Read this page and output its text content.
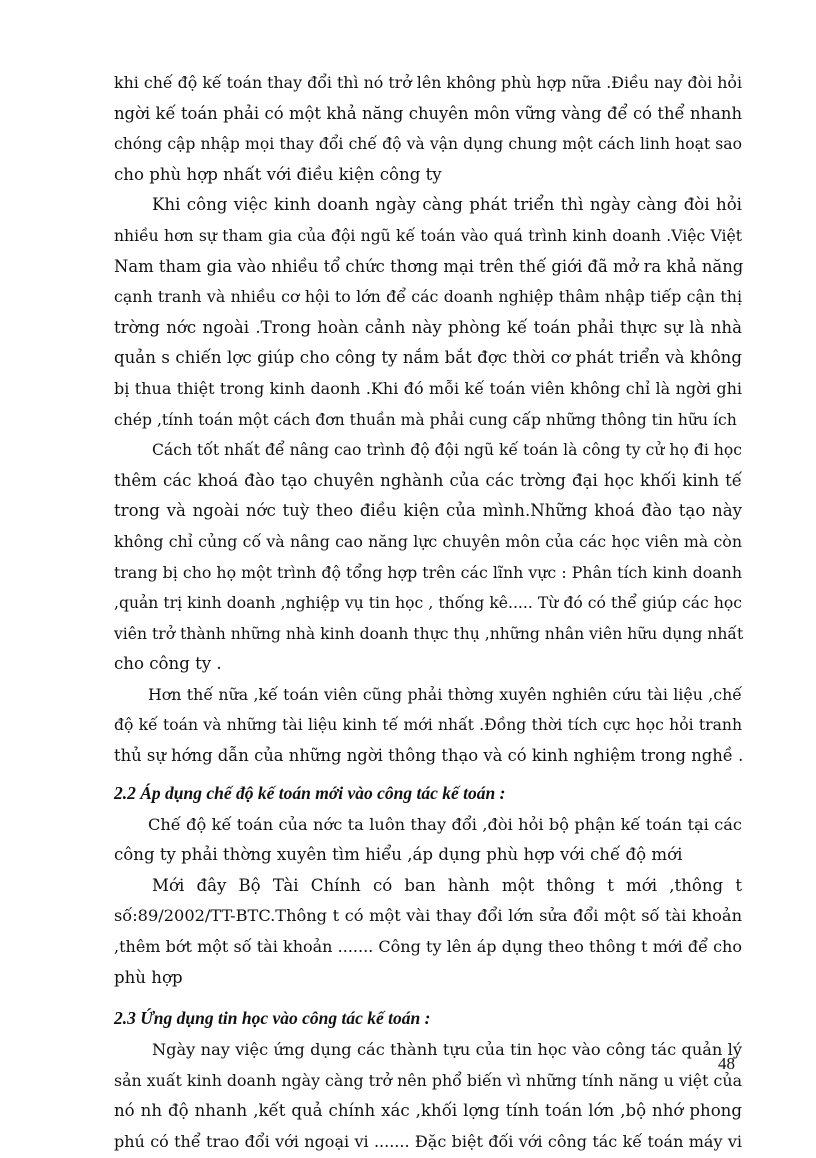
khi chế độ kế toán thay đổi thì nó trở lên không phù hợp nữa .Điều nay đòi hỏi
ngời kế toán phải có một khả năng chuyên môn vững vàng để có thể nhanh
chóng cập nhập mọi thay đổi chế độ và vận dụng chung một cách linh hoạt sao
cho phù hợp nhất với điều kiện công ty
Khi công việc kinh doanh ngày càng phát triển thì ngày càng đòi hỏi
nhiều hơn sự tham gia của đội ngũ kế toán vào quá trình kinh doanh .Việc Việt
Nam tham gia vào nhiều tổ chức thơng mại trên thế giới đã mở ra khả năng
cạnh tranh và nhiều cơ hội to lớn để các doanh nghiệp thâm nhập tiếp cận thị
trờng nớc ngoài .Trong hoàn cảnh này phòng kế toán phải thực sự là nhà
quản s chiến lợc giúp cho công ty nắm bắt đợc thời cơ phát triển và không
bị thua thiệt trong kinh daonh .Khi đó mỗi kế toán viên không chỉ là ngời ghi
chép ,tính toán một cách đơn thuần mà phải cung cấp những thông tin hữu ích
Cách tốt nhất để nâng cao trình độ đội ngũ kế toán là công ty cử họ đi học
thêm các khoá đào tạo chuyên nghành của các trờng đại học khối kinh tế
trong và ngoài nớc tuỳ theo điều kiện của mình.Những khoá đào tạo này
không chỉ củng cố và nâng cao năng lực chuyên môn của các học viên mà còn
trang bị cho họ một trình độ tổng hợp trên các lĩnh vực : Phân tích kinh doanh
,quản trị kinh doanh ,nghiệp vụ tin học , thống kê..... Từ đó có thể giúp các học
viên trở thành những nhà kinh doanh thực thụ ,những nhân viên hữu dụng nhất
cho công ty .
Hơn thế nữa ,kế toán viên cũng phải thờng xuyên nghiên cứu tài liệu ,chế
độ kế toán và những tài liệu kinh tế mới nhất .Đồng thời tích cực học hỏi tranh
thủ sự hớng dẫn của những ngời thông thạo và có kinh nghiệm trong nghề .
2.2 Áp dụng chế độ kế toán mới vào công tác kế toán :
Chế độ kế toán của nớc ta luôn thay đổi ,đòi hỏi bộ phận kế toán tại các
công ty phải thờng xuyên tìm hiểu ,áp dụng phù hợp với chế độ mới
Mới đây Bộ Tài Chính có ban hành một thông t mới ,thông t
số:89/2002/TT-BTC.Thông t có một vài thay đổi lớn sửa đổi một số tài khoản
,thêm bớt một số tài khoản ....... Công ty lên áp dụng theo thông t mới để cho
phù hợp
2.3 Ứng dụng tin học vào công tác kế toán :
Ngày nay việc ứng dụng các thành tựu của tin học vào công tác quản lý
sản xuất kinh doanh ngày càng trở nên phổ biến vì những tính năng u việt của
nó nh độ nhanh ,kết quả chính xác ,khối lợng tính toán lớn ,bộ nhớ phong
phú có thể trao đổi với ngoại vi ....... Đặc biệt đối với công tác kế toán máy vi
48
